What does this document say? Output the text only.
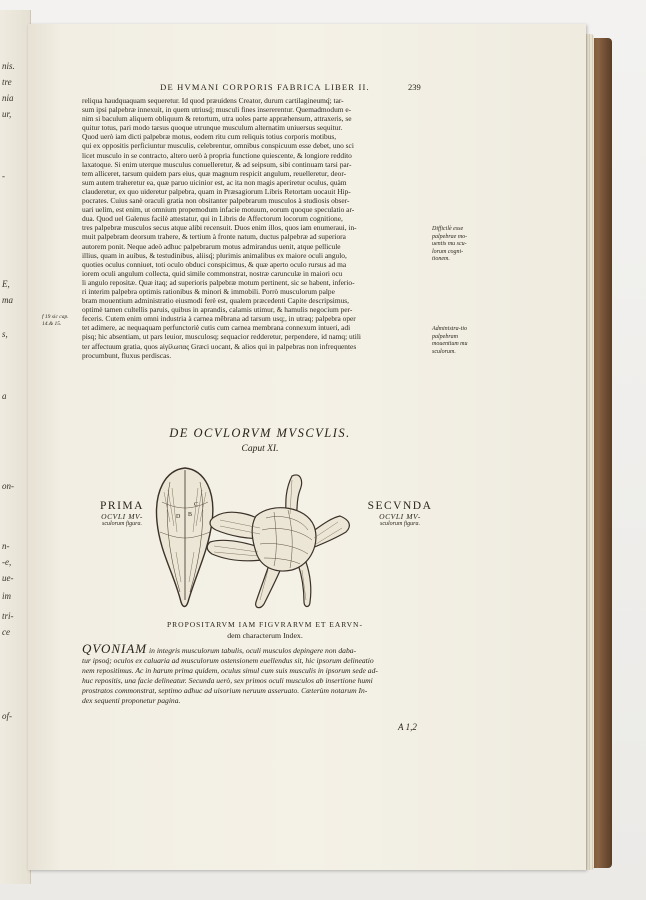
nis.
tre
nia
ur,
-
E,
ma
s,
a
on-
n-
-e,
ue-
im
tri-
ce
of-
DE HVMANI CORPORIS FABRICA LIBER II.	239

reliqua haudquaquam sequeretur. Id quod prӕuidens Creator, durum cartilagineumq́; tar-

sum ipsi palpebrӕ innexuit, in quem utriusq́; musculi fines insererentur. Quemadmodum e-

nim si baculum aliquem obliquum & retortum, utra uoles parte apprӕhensum, attraxeris, se

quitur totus, pari modo tarsus quoque utrunque musculum alternatim uniuersus sequitur.

Quod uerò iam dicti palpebrӕ motus, eodem ritu cum reliquis totius corporis motibus,

qui ex oppositis perficiuntur musculis, celebrentur, omnibus conspicuum esse debet, uno sci

licet musculo in se contracto, altero uerò à propria functione quiescente, & longiore reddito

laxatoque. Si enim uterque musculus conuelleretur, & ad seipsum, sibi continuam tarsi par-

tem alliceret, tarsum quidem pars eius, quӕ magnum respicit angulum, reuelleretur, deor-

sum autem traheretur ea, quӕ paruo uicinior est, ac ita non magis aperiretur oculus, quàm

clauderetur, ex quo uideretur palpebra, quam in Prӕsagiorum Libris Retortam uocauit Hip-

pocrates. Cuius sanè oraculi gratia non obsitanter palpebrarum musculos à studiosis obser-

uari uelim, est enim, ut omnium propemodum infacie motuum, eorum quoque speculatio ar-

dua. Quod uel Galenus facilè attestatur, qui in Libris de Affectorum locorum cognitione,

tres palpebrӕ musculos secus atque alibi recensuit. Duos enim illos, quos iam enumeraui, in-

muit palpebram deorsum trahere, & tertium à fronte natum, ductus palpebrӕ ad superiora

autorem ponit. Neque adeò adhuc palpebrarum motus admirandus uenit, atque pellicule

illius, quam in auibus, & testudinibus, aliisq́; plurimis animalibus ex maiore oculi angulo,

quoties oculus conniuet, toti oculo obduci conspicimus, & quӕ aperto oculo rursus ad ma

iorem oculi angulum collecta, quid simile commonstrat, nostrӕ carunculӕ in maiori ocu

li angulo repositӕ. Quӕ itaq; ad superioris palpebrӕ motum pertinent, sic se habent, inferio-

ri interim palpebra optimis rationibus & minori & immobili. Porrò musculorum palpe

bram mouentium administratio eiusmodi ferè est, qualem prӕcedenti Capite descripsimus,

optimè tamen cultellis paruis, quibus in aprandis, calamis utimur, & hamulis negocium per-

feceris. Cutem enim omni industria à carnea mẽbrana ad tarsum usq;, in utraq; palpebra oper

tet adimere, ac nequaquam perfunctoriè cutis cum carnea membrana connexum intueri, adi

pisq; hic absentiam, ut pars leuior, musculosq; sequacior redderetur, perpendere, id namq; utili

ter affectuum gratia, quos aἰγίλωπας Grӕci uocant, & alios qui in palpebras non infrequentes

procumbunt, fluxus perdiscas.

Difficilè esse palpebrae mo-uentis mu scu-lorum cogni-tionem.
Administra-tio palpebram mouentium mu sculorum.
f 19 sic cap. 14.& 15.
DE OCVLORVM MVSCVLIS.
Caput XI.
PRIMA
OCVLI MV-
sculorum figura.
SECVNDA
OCVLI MV-
sculorum figura.
B
D
C
PROPOSITARVM IAM FIGVRARVM ET EARVN-
dem characterum Index.
QVONIAM in integris musculorum tabulis, oculi musculos depingere non daba-
tur ipsoq́; oculos ex caluaria ad musculorum ostensionem euellendus sit, hic ipsorum delineatio
nem repositimus. Ac in harum prima quidem, oculus simul cum suis musculis in ipsorum sede ad-
huc repositis, una facie delineatur. Secunda uerò, sex primos oculi musculos ab insertione humi
prostratos commonstrat, septimo adhuc ad uisorium neruum asseruato. Cӕterùm notarum In-
dex sequenti proponetur pagina.
A 1,2
